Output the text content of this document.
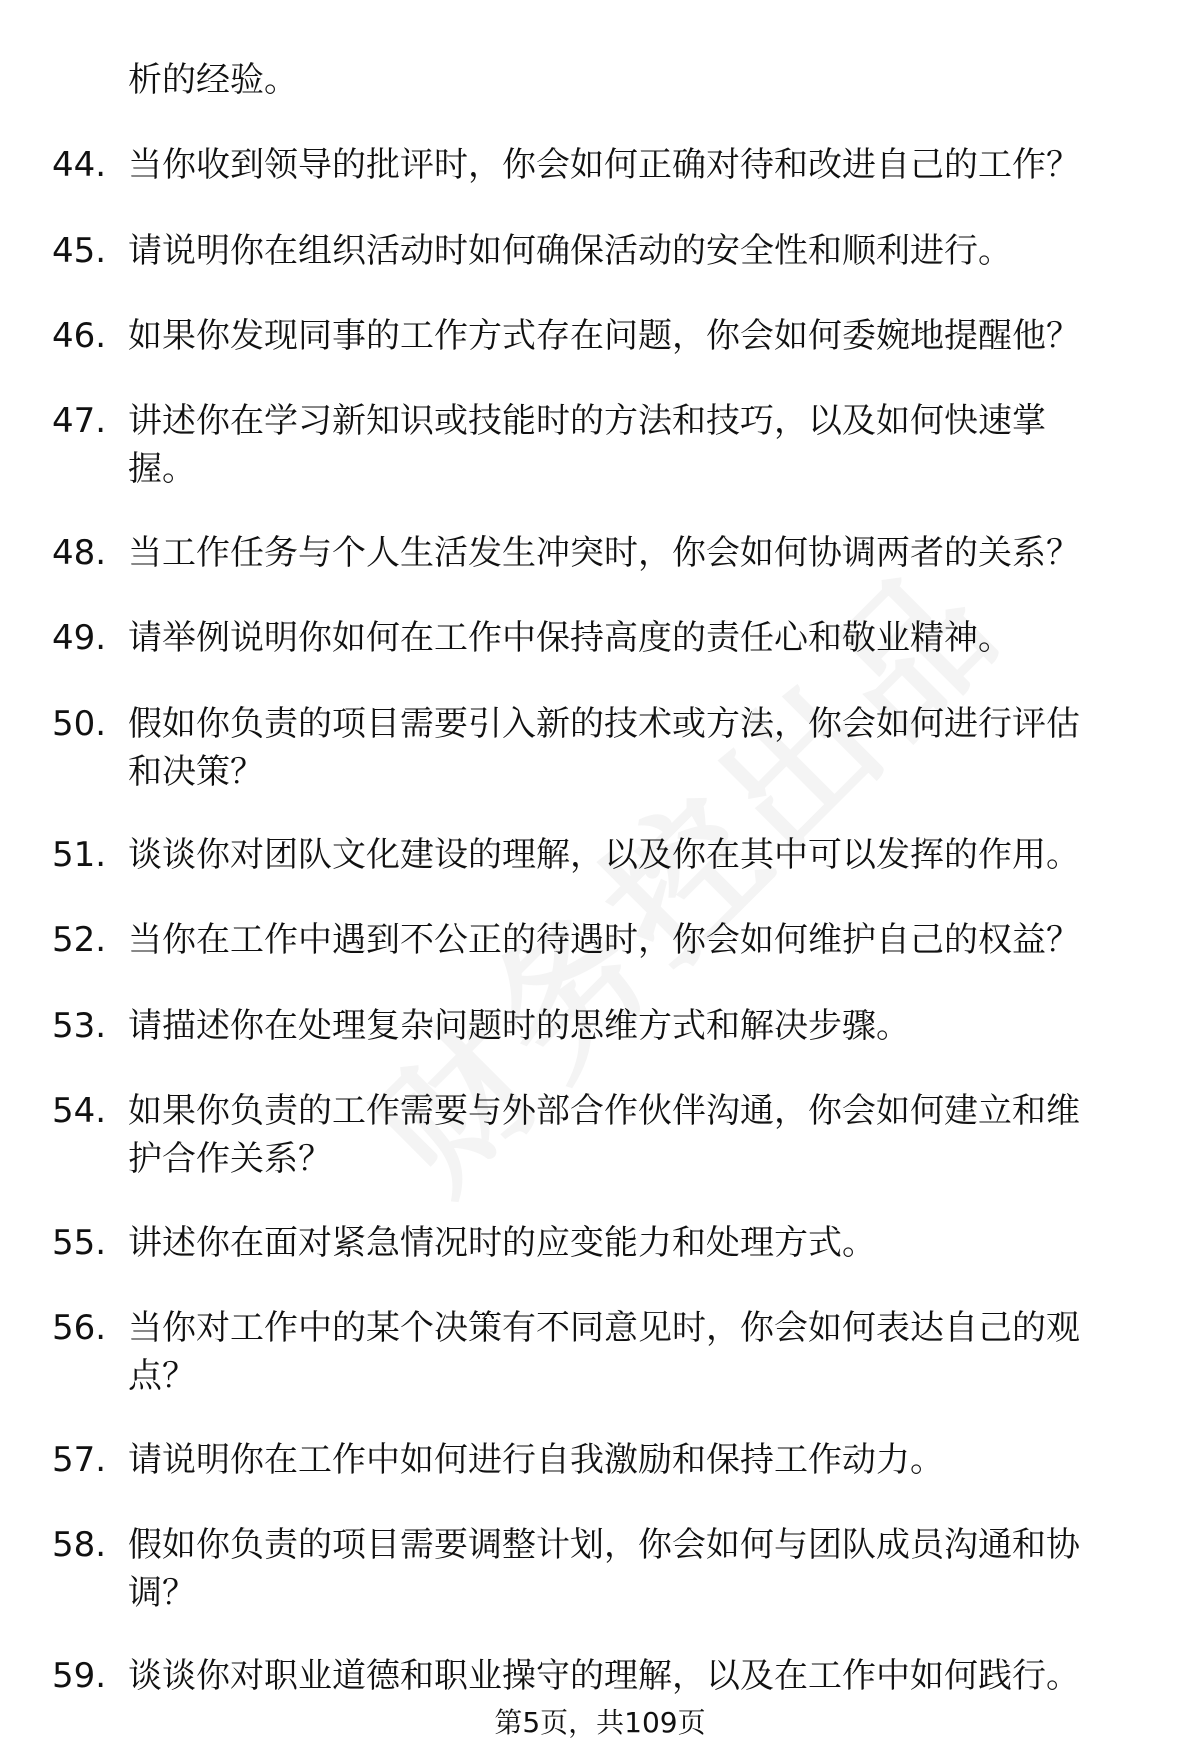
析的经验。
44. 当你收到领导的批评时，你会如何正确对待和改进自己的工作？
45. 请说明你在组织活动时如何确保活动的安全性和顺利进行。
46. 如果你发现同事的工作方式存在问题，你会如何委婉地提醒他？
47. 讲述你在学习新知识或技能时的方法和技巧，以及如何快速掌
握。
48. 当工作任务与个人生活发生冲突时，你会如何协调两者的关系？
49. 请举例说明你如何在工作中保持高度的责任心和敬业精神。
50. 假如你负责的项目需要引入新的技术或方法，你会如何进行评估
和决策？
51. 谈谈你对团队文化建设的理解，以及你在其中可以发挥的作用。
52. 当你在工作中遇到不公正的待遇时，你会如何维护自己的权益？
53. 请描述你在处理复杂问题时的思维方式和解决步骤。
54. 如果你负责的工作需要与外部合作伙伴沟通，你会如何建立和维
护合作关系？
55. 讲述你在面对紧急情况时的应变能力和处理方式。
56. 当你对工作中的某个决策有不同意见时，你会如何表达自己的观
点？
57. 请说明你在工作中如何进行自我激励和保持工作动力。
58. 假如你负责的项目需要调整计划，你会如何与团队成员沟通和协
调？
59. 谈谈你对职业道德和职业操守的理解，以及在工作中如何践行。
第5页，共109页
